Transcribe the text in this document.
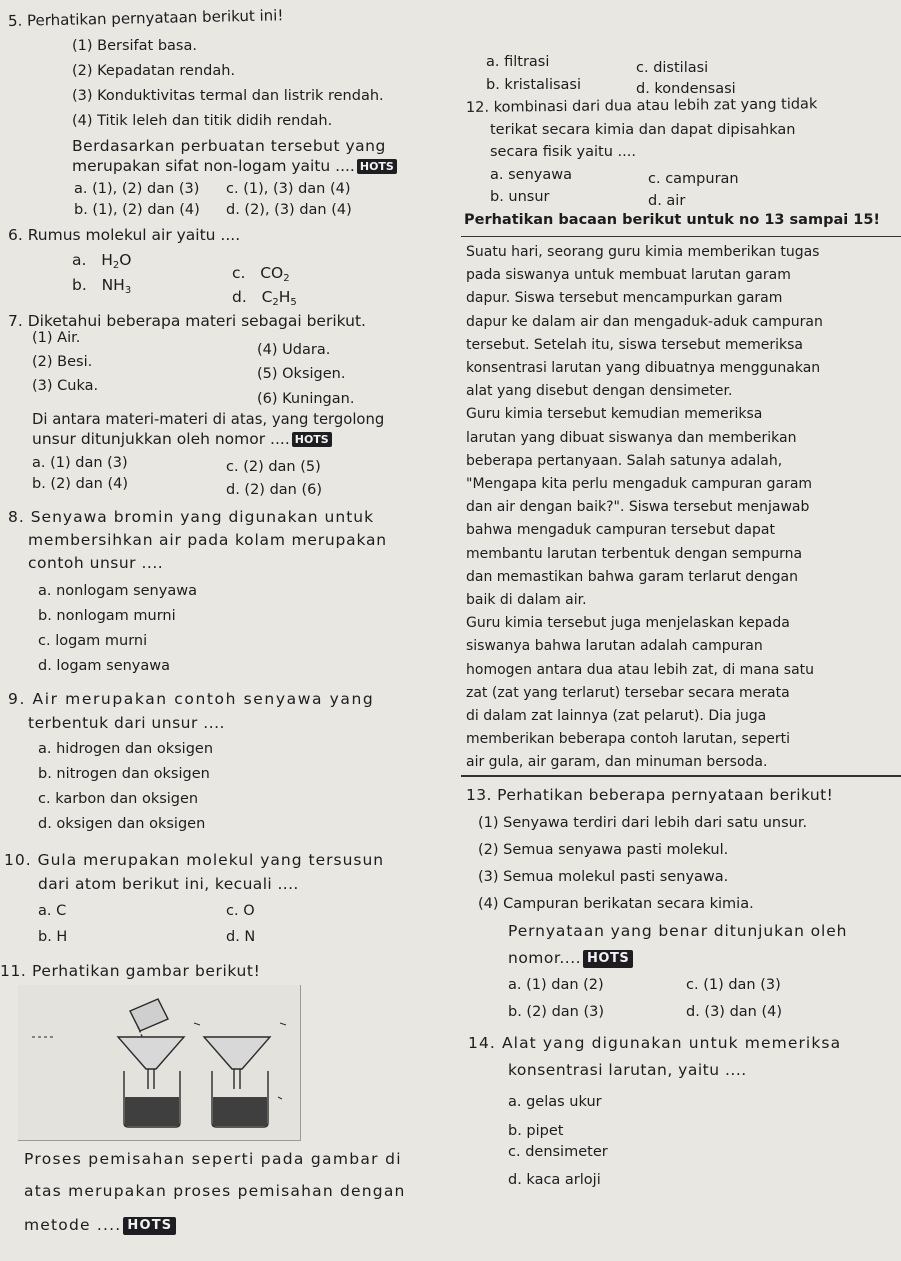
5. Perhatikan pernyataan berikut ini!
(1) Bersifat basa.
(2) Kepadatan rendah.
(3) Konduktivitas termal dan listrik rendah.
(4) Titik leleh dan titik didih rendah.
Berdasarkan perbuatan tersebut yang
merupakan sifat non-logam yaitu .... HOTS
a. (1), (2) dan (3) c. (1), (3) dan (4)
b. (1), (2) dan (4) d. (2), (3) dan (4)
6. Rumus molekul air yaitu ....
a. $H_2O$
b. $NH_3$
c. $CO_2$
d. $C_2H_5$
7. Diketahui beberapa materi sebagai berikut.
(1) Air.
(4) Udara.
(2) Besi.
(5) Oksigen.
(3) Cuka.
(6) Kuningan.
Di antara materi-materi di atas, yang tergolong
unsur ditunjukkan oleh nomor .... HOTS
a. (1) dan (3)	c. (2) dan (5)
b. (2) dan (4)	d. (2) dan (6)
8. Senyawa bromin yang digunakan untuk
membersihkan air pada kolam merupakan
contoh unsur ....
a. nonlogam senyawa
b. nonlogam murni
c. logam murni
d. logam senyawa
9. Air merupakan contoh senyawa yang
terbentuk dari unsur ....
a. hidrogen dan oksigen
b. nitrogen dan oksigen
c. karbon dan oksigen
d. oksigen dan oksigen
10. Gula merupakan molekul yang tersusun
dari atom berikut ini, kecuali ....
a. C	c. O
b. H	d. N
11. Perhatikan gambar berikut!
Proses pemisahan seperti pada gambar di
atas merupakan proses pemisahan dengan
metode .... HOTS
a. filtrasi	c. distilasi
b. kristalisasi	d. kondensasi
12. kombinasi dari dua atau lebih zat yang tidak
terikat secara kimia dan dapat dipisahkan
secara fisik yaitu ....
a. senyawa	c. campuran
b. unsur	d. air
Perhatikan bacaan berikut untuk no 13 sampai 15!
Suatu hari, seorang guru kimia memberikan tugas
pada siswanya untuk membuat larutan garam
dapur. Siswa tersebut mencampurkan garam
dapur ke dalam air dan mengaduk-aduk campuran
tersebut. Setelah itu, siswa tersebut memeriksa
konsentrasi larutan yang dibuatnya menggunakan
alat yang disebut dengan densimeter.
Guru kimia tersebut kemudian memeriksa
larutan yang dibuat siswanya dan memberikan
beberapa pertanyaan. Salah satunya adalah,
"Mengapa kita perlu mengaduk campuran garam
dan air dengan baik?". Siswa tersebut menjawab
bahwa mengaduk campuran tersebut dapat
membantu larutan terbentuk dengan sempurna
dan memastikan bahwa garam terlarut dengan
baik di dalam air.
Guru kimia tersebut juga menjelaskan kepada
siswanya bahwa larutan adalah campuran
homogen antara dua atau lebih zat, di mana satu
zat (zat yang terlarut) tersebar secara merata
di dalam zat lainnya (zat pelarut). Dia juga
memberikan beberapa contoh larutan, seperti
air gula, air garam, dan minuman bersoda.
13. Perhatikan beberapa pernyataan berikut!
(1) Senyawa terdiri dari lebih dari satu unsur.
(2) Semua senyawa pasti molekul.
(3) Semua molekul pasti senyawa.
(4) Campuran berikatan secara kimia.
Pernyataan yang benar ditunjukan oleh
nomor.... HOTS
a. (1) dan (2)	c. (1) dan (3)
b. (2) dan (3)	d. (3) dan (4)
14. Alat yang digunakan untuk memeriksa
konsentrasi larutan, yaitu ....
a. gelas ukur
b. pipet
c. densimeter
d. kaca arloji
